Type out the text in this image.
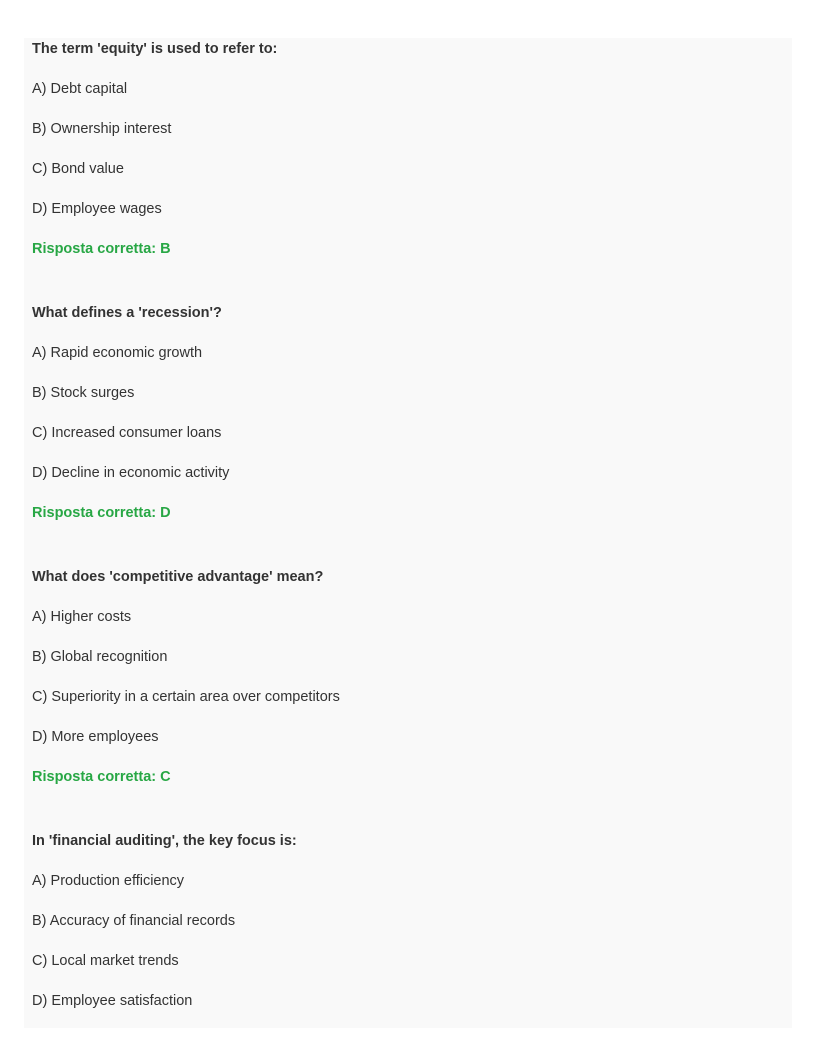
The term 'equity' is used to refer to:
A) Debt capital
B) Ownership interest
C) Bond value
D) Employee wages
Risposta corretta: B
What defines a 'recession'?
A) Rapid economic growth
B) Stock surges
C) Increased consumer loans
D) Decline in economic activity
Risposta corretta: D
What does 'competitive advantage' mean?
A) Higher costs
B) Global recognition
C) Superiority in a certain area over competitors
D) More employees
Risposta corretta: C
In 'financial auditing', the key focus is:
A) Production efficiency
B) Accuracy of financial records
C) Local market trends
D) Employee satisfaction
